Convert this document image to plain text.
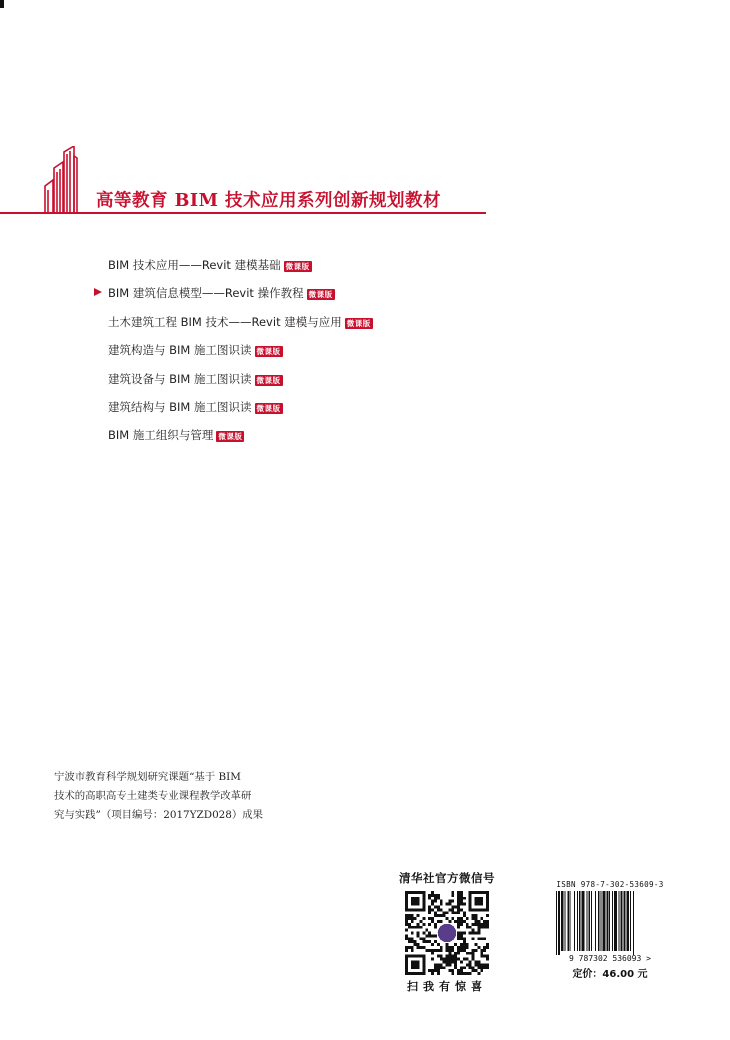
高等教育 BIM 技术应用系列创新规划教材
BIM 技术应用——Revit 建模基础 微课版
BIM 建筑信息模型——Revit 操作教程 微课版
土木建筑工程 BIM 技术——Revit 建模与应用 微课版
建筑构造与 BIM 施工图识读 微课版
建筑设备与 BIM 施工图识读 微课版
建筑结构与 BIM 施工图识读 微课版
BIM 施工组织与管理 微课版
宁波市教育科学规划研究课题“基于 BIM
技术的高职高专土建类专业课程教学改革研
究与实践”（项目编号：2017YZD028）成果
清华社官方微信号
扫我有惊喜
ISBN 978-7-302-53609-3
9 787302 536093 >
定价：46.00 元
